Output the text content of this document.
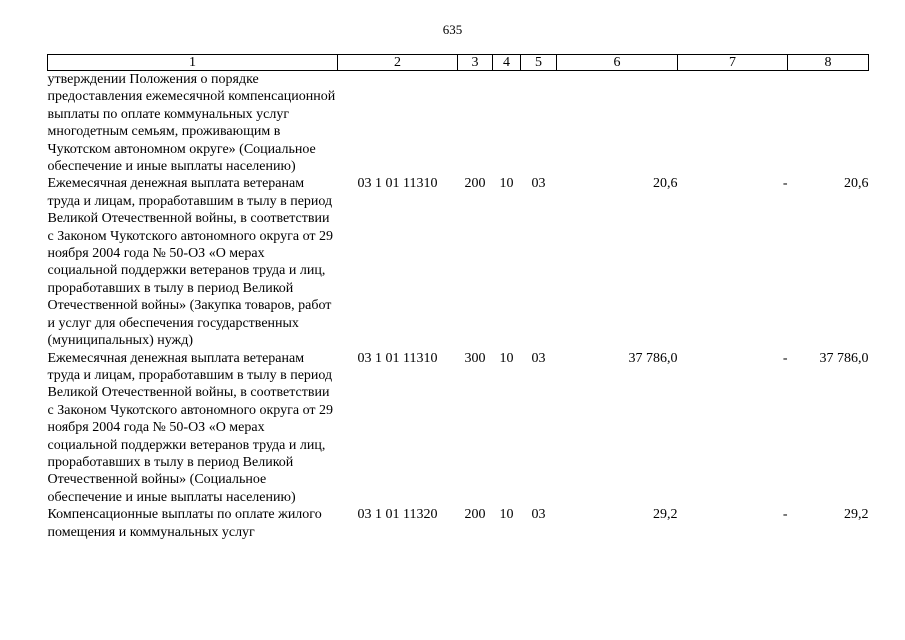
635
1	2	3	4	5	6	7	8
утверждении Положения о порядке предоставления ежемесячной компенсационной выплаты по оплате коммунальных услуг многодетным семьям, проживающим в Чукотском автономном округе» (Социальное обеспечение и иные выплаты населению)							
Ежемесячная денежная выплата ветеранам труда и лицам, проработавшим в тылу в период Великой Отечественной войны, в соответствии с Законом Чукотского автономного округа от 29 ноября 2004 года № 50-ОЗ «О мерах социальной поддержки ветеранов труда и лиц, проработавших в тылу в период Великой Отечественной войны» (Закупка товаров, работ и услуг для обеспечения государственных (муниципальных) нужд)	03 1 01 11310	200	10	03	20,6	-	20,6
Ежемесячная денежная выплата ветеранам труда и лицам, проработавшим в тылу в период Великой Отечественной войны, в соответствии с Законом Чукотского автономного округа от 29 ноября 2004 года № 50-ОЗ «О мерах социальной поддержки ветеранов труда и лиц, проработавших в тылу в период Великой Отечественной войны» (Социальное обеспечение и иные выплаты населению)	03 1 01 11310	300	10	03	37 786,0	-	37 786,0
Компенсационные выплаты по оплате жилого помещения и коммунальных услуг	03 1 01 11320	200	10	03	29,2	-	29,2
